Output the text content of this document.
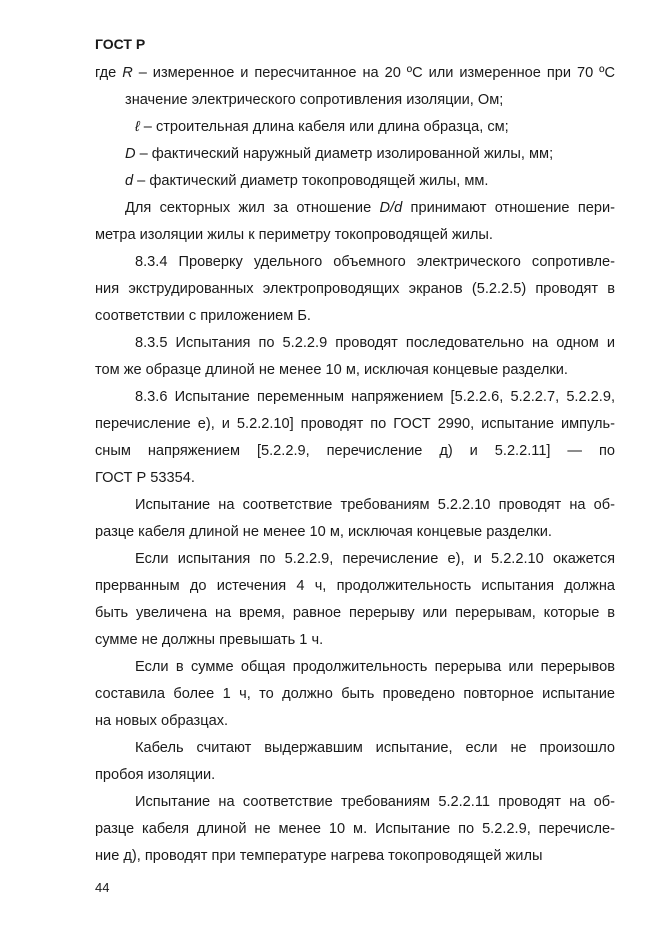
ГОСТ Р
где R – измеренное и пересчитанное на 20 ºС или измеренное при 70 ºС
значение электрического сопротивления изоляции, Ом;
ℓ – строительная длина кабеля или длина образца, см;
D – фактический наружный диаметр изолированной жилы, мм;
d – фактический диаметр токопроводящей жилы, мм.
Для секторных жил за отношение D/d принимают отношение пери-
метра изоляции жилы к периметру токопроводящей жилы.
8.3.4 Проверку удельного объемного электрического сопротивле-
ния экструдированных электропроводящих экранов (5.2.2.5) проводят в
соответствии с приложением Б.
8.3.5 Испытания по 5.2.2.9 проводят последовательно на одном и
том же образце длиной не менее 10 м, исключая концевые разделки.
8.3.6 Испытание переменным напряжением [5.2.2.6, 5.2.2.7, 5.2.2.9,
перечисление е), и 5.2.2.10] проводят по ГОСТ 2990, испытание импуль-
сным напряжением [5.2.2.9, перечисление д) и 5.2.2.11] — по
ГОСТ Р 53354.
Испытание на соответствие требованиям 5.2.2.10 проводят на об-
разце кабеля длиной не менее 10 м, исключая концевые разделки.
Если испытания по 5.2.2.9, перечисление е), и 5.2.2.10 окажется
прерванным до истечения 4 ч, продолжительность испытания должна
быть увеличена на время, равное перерыву или перерывам, которые в
сумме не должны превышать 1 ч.
Если в сумме общая продолжительность перерыва или перерывов
составила более 1 ч, то должно быть проведено повторное испытание
на новых образцах.
Кабель считают выдержавшим испытание, если не произошло
пробоя изоляции.
Испытание на соответствие требованиям 5.2.2.11 проводят на об-
разце кабеля длиной не менее 10 м. Испытание по 5.2.2.9, перечисле-
ние д), проводят при температуре нагрева токопроводящей жилы
44
